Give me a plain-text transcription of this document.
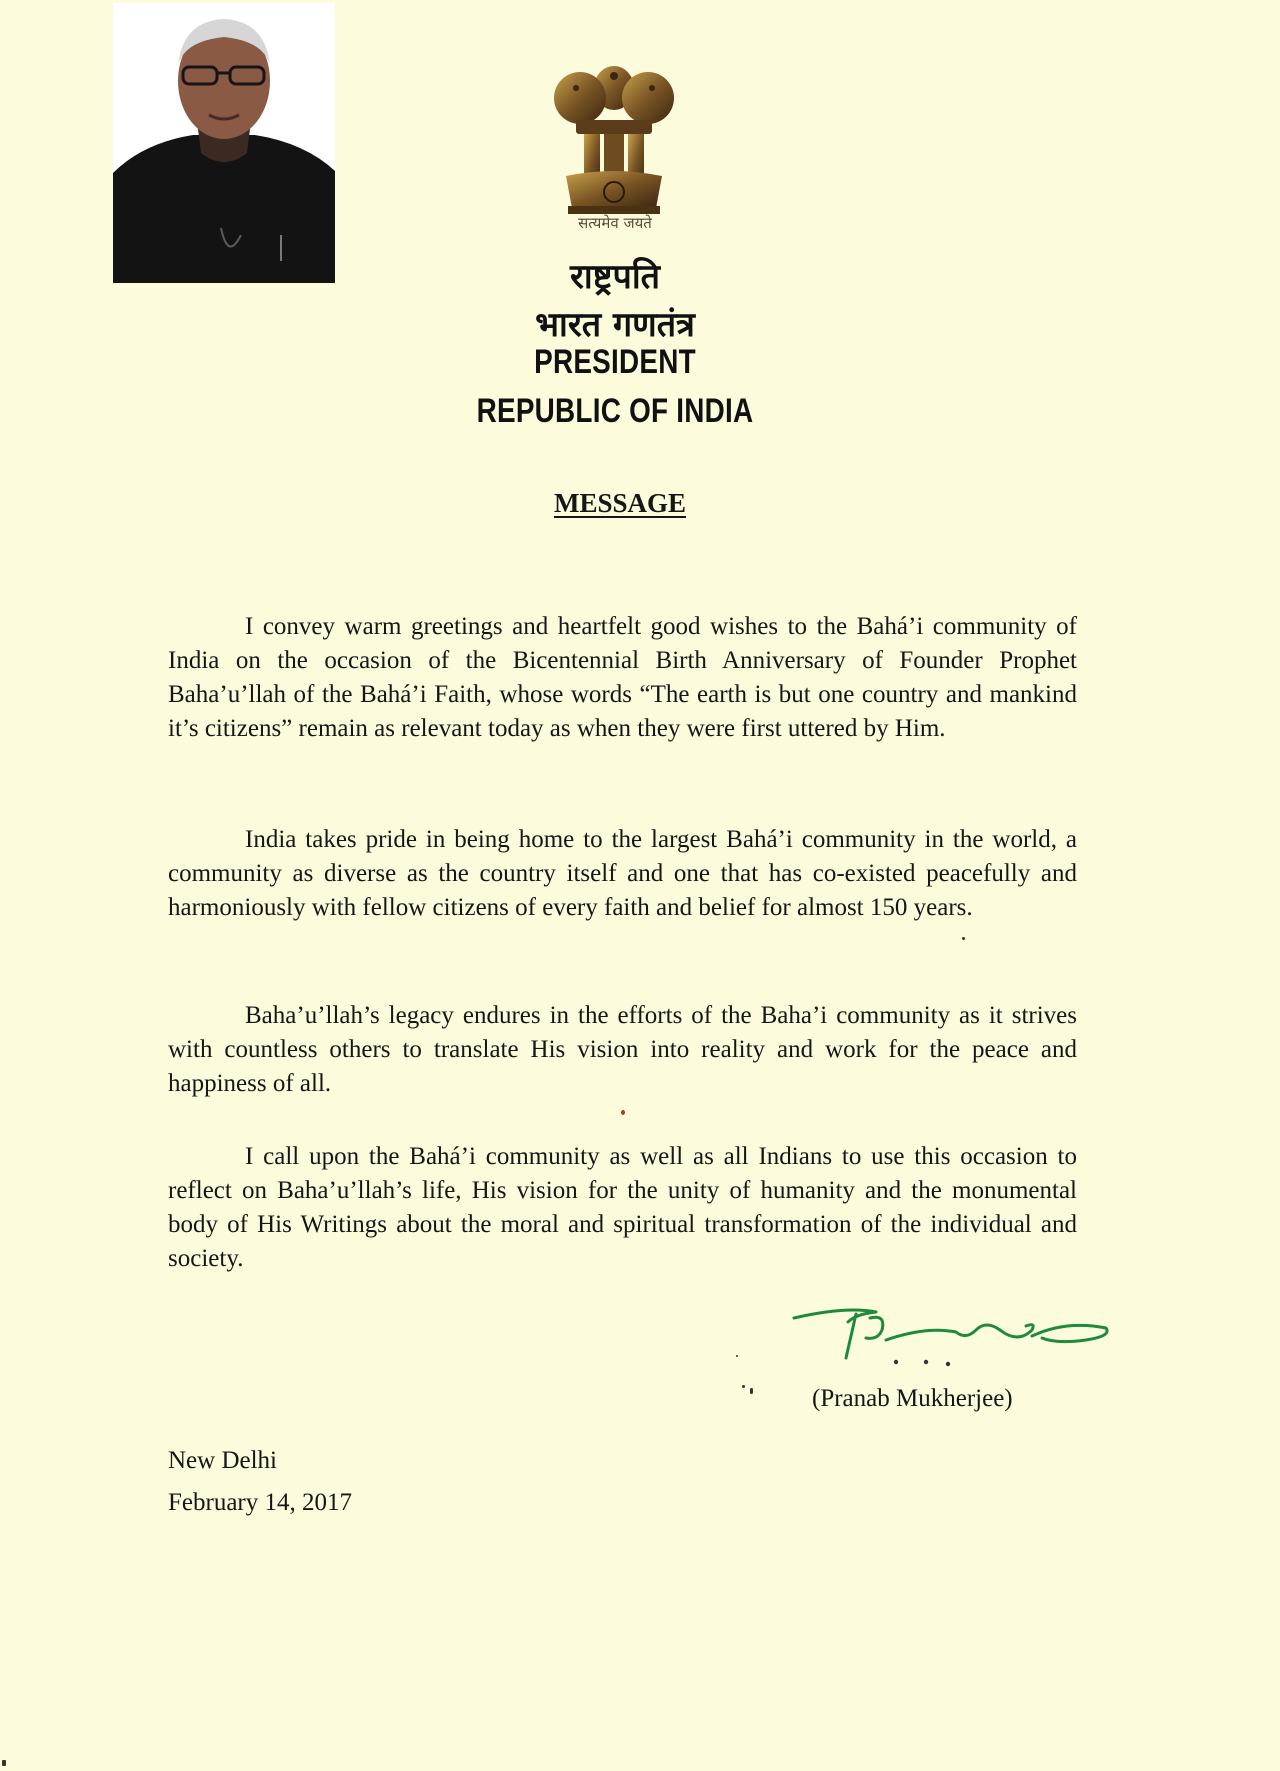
सत्यमेव जयते
राष्ट्रपति
भारत गणतंत्र
PRESIDENT
REPUBLIC OF INDIA
MESSAGE

I convey warm greetings and heartfelt good wishes to the Bahá’i community of India on the occasion of the Bicentennial Birth Anniversary of Founder Prophet Baha’u’llah of the Bahá’i Faith, whose words “The earth is but one country and mankind it’s citizens” remain as relevant today as when they were first uttered by Him.

India takes pride in being home to the largest Bahá’i community in the world, a community as diverse as the country itself and one that has co-existed peacefully and harmoniously with fellow citizens of every faith and belief for almost 150 years.

Baha’u’llah’s legacy endures in the efforts of the Baha’i community as it strives with countless others to translate His vision into reality and work for the peace and happiness of all.

I call upon the Bahá’i community as well as all Indians to use this occasion to reflect on Baha’u’llah’s life, His vision for the unity of humanity and the monumental body of His Writings about the moral and spiritual transformation of the individual and society.

(Pranab Mukherjee)
New Delhi
February 14, 2017
